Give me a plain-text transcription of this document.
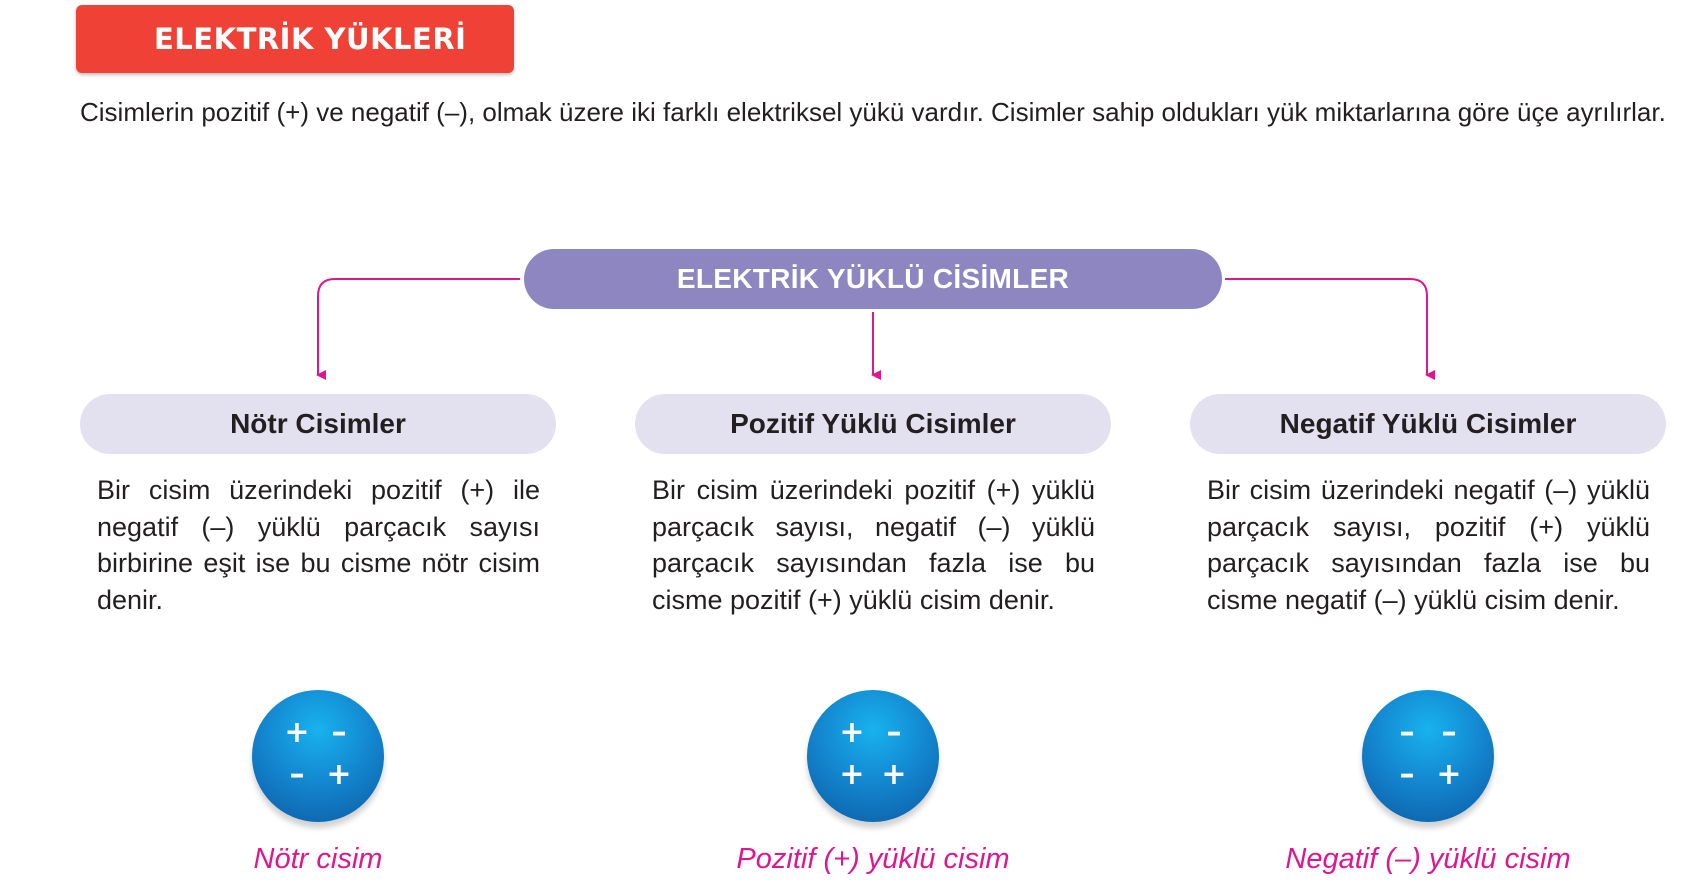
ELEKTRİK YÜKLERİ

Cisimlerin pozitif (+) ve negatif (–), olmak üzere iki farklı elektriksel yükü vardır. Cisimler sahip oldukları yük miktarlarına göre üçe ayrılırlar.

ELEKTRİK YÜKLÜ CİSİMLER
Nötr Cisimler

Bir cisim üzerindeki pozitif (+) ile negatif (–) yüklü parçacık sayısı birbirine eşit ise bu cisme nötr cisim denir.

+ –
– +
Nötr cisim
Pozitif Yüklü Cisimler

Bir cisim üzerindeki pozitif (+) yüklü parçacık sayısı, negatif (–) yüklü parçacık sayısından fazla ise bu cisme pozitif (+) yüklü cisim denir.

+ –
+ +
Pozitif (+) yüklü cisim
Negatif Yüklü Cisimler

Bir cisim üzerindeki negatif (–) yüklü parçacık sayısı, pozitif (+) yüklü parçacık sayısından fazla ise bu cisme negatif (–) yüklü cisim denir.

– –
– +
Negatif (–) yüklü cisim
